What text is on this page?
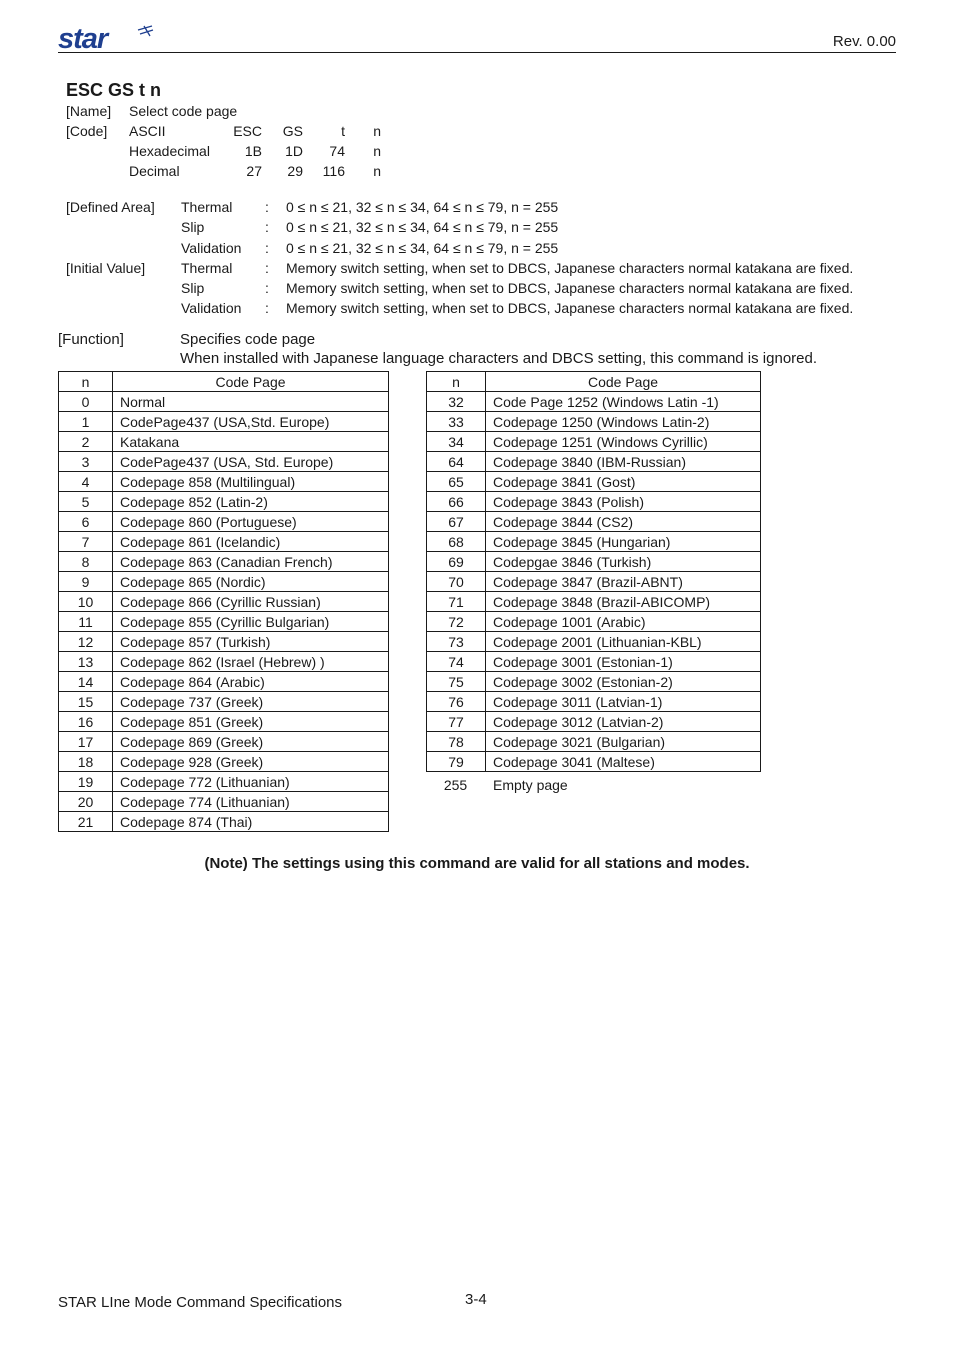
star	Rev. 0.00
ESC GS t n
[Name] Select code page
[Code] ASCII	ESC	GS	t	n
Hexadecimal	1B	1D	74	n
Decimal	27	29	116	n
[Defined Area] Thermal : 0 ≤ n ≤ 21, 32 ≤ n ≤ 34, 64 ≤ n ≤ 79, n = 255
Slip	: 0 ≤ n ≤ 21, 32 ≤ n ≤ 34, 64 ≤ n ≤ 79, n = 255
Validation : 0 ≤ n ≤ 21, 32 ≤ n ≤ 34, 64 ≤ n ≤ 79, n = 255
[Initial Value]	Thermal : Memory switch setting, when set to DBCS, Japanese characters normal katakana are fixed.
Slip	: Memory switch setting, when set to DBCS, Japanese characters normal katakana are fixed.
Validation : Memory switch setting, when set to DBCS, Japanese characters normal katakana are fixed.
[Function]	Specifies code page
When installed with Japanese language characters and DBCS setting, this command is ignored.
n	Code Page
0	Normal
1	CodePage437 (USA,Std. Europe)
2	Katakana
3	CodePage437 (USA, Std. Europe)
4	Codepage 858 (Multilingual)
5	Codepage 852 (Latin-2)
6	Codepage 860 (Portuguese)
7	Codepage 861 (Icelandic)
8	Codepage 863 (Canadian French)
9	Codepage 865 (Nordic)
10	Codepage 866 (Cyrillic Russian)
11	Codepage 855 (Cyrillic Bulgarian)
12	Codepage 857 (Turkish)
13	Codepage 862 (Israel (Hebrew) )
14	Codepage 864 (Arabic)
15	Codepage 737 (Greek)
16	Codepage 851 (Greek)
17	Codepage 869 (Greek)
18	Codepage 928 (Greek)
19	Codepage 772 (Lithuanian)
20	Codepage 774 (Lithuanian)
21	Codepage 874 (Thai)
n	Code Page
32	Code Page 1252 (Windows Latin -1)
33	Codepage 1250 (Windows Latin-2)
34	Codepage 1251 (Windows Cyrillic)
64	Codepage 3840 (IBM-Russian)
65	Codepage 3841 (Gost)
66	Codepage 3843 (Polish)
67	Codepage 3844 (CS2)
68	Codepage 3845 (Hungarian)
69	Codepgae 3846 (Turkish)
70	Codepage 3847 (Brazil-ABNT)
71	Codepage 3848 (Brazil-ABICOMP)
72	Codepage 1001 (Arabic)
73	Codepage 2001 (Lithuanian-KBL)
74	Codepage 3001 (Estonian-1)
75	Codepage 3002 (Estonian-2)
76	Codepage 3011 (Latvian-1)
77	Codepage 3012 (Latvian-2)
78	Codepage 3021 (Bulgarian)
79	Codepage 3041 (Maltese)
255	Empty page
(Note) The settings using this command are valid for all stations and modes.
STAR LIne Mode Command Specifications	3-4
